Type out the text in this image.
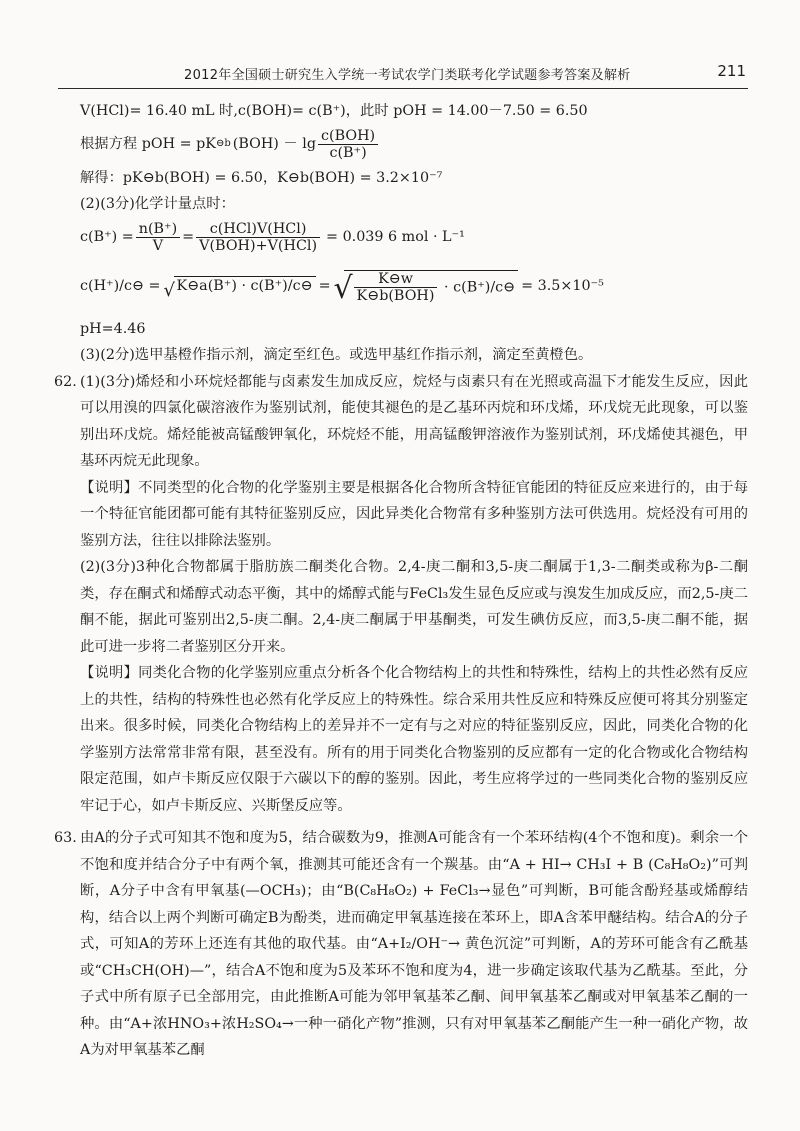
2012年全国硕士研究生入学统一考试农学门类联考化学试题参考答案及解析	211
V(HCl)= 16.40 mL 时,c(BOH)= c(B⁺)，此时 pOH = 14.00－7.50 = 6.50
根据方程 pOH = pK ⊖b $(BOH) - \lg \frac{\text{c(BOH)}}{c(B^+)}$
解得：pK⊖b(BOH) = 6.50，K⊖b(BOH) = 3.2×10⁻⁷
(2)(3分)化学计量点时：
$c(B^+) = \frac{n(B^+)}{V} = \frac{\text{c(HCl)V(HCl)}}{\text{V(BOH)+V(HCl)}} = 0.039$ 6 mol · L⁻¹
c(H⁺)/c⊖ = √ K⊖a(B⁺) · c(B⁺)/c⊖ = √ $\frac{K⊖w}{\text{K⊖b(BOH)}}$ · c(B⁺)/c⊖ = 3.5×10⁻⁵
pH=4.46
(3)(2分)选甲基橙作指示剂，滴定至红色。或选甲基红作指示剂，滴定至黄橙色。
62. (1)(3分)烯烃和小环烷烃都能与卤素发生加成反应，烷烃与卤素只有在光照或高温下才能发生反应，因此可以用溴的四氯化碳溶液作为鉴别试剂，能使其褪色的是乙基环丙烷和环戊烯，环戊烷无此现象，可以鉴别出环戊烷。烯烃能被高锰酸钾氧化，环烷烃不能，用高锰酸钾溶液作为鉴别试剂，环戊烯使其褪色，甲基环丙烷无此现象。
【说明】不同类型的化合物的化学鉴别主要是根据各化合物所含特征官能团的特征反应来进行的，由于每一个特征官能团都可能有其特征鉴别反应，因此异类化合物常有多种鉴别方法可供选用。烷烃没有可用的鉴别方法，往往以排除法鉴别。
(2)(3分)3种化合物都属于脂肪族二酮类化合物。2,4-庚二酮和3,5-庚二酮属于1,3-二酮类或称为β-二酮类，存在酮式和烯醇式动态平衡，其中的烯醇式能与FeCl₃发生显色反应或与溴发生加成反应，而2,5-庚二酮不能，据此可鉴别出2,5-庚二酮。2,4-庚二酮属于甲基酮类，可发生碘仿反应，而3,5-庚二酮不能，据此可进一步将二者鉴别区分开来。
【说明】同类化合物的化学鉴别应重点分析各个化合物结构上的共性和特殊性，结构上的共性必然有反应上的共性，结构的特殊性也必然有化学反应上的特殊性。综合采用共性反应和特殊反应便可将其分别鉴定出来。很多时候，同类化合物结构上的差异并不一定有与之对应的特征鉴别反应，因此，同类化合物的化学鉴别方法常常非常有限，甚至没有。所有的用于同类化合物鉴别的反应都有一定的化合物或化合物结构限定范围，如卢卡斯反应仅限于六碳以下的醇的鉴别。因此，考生应将学过的一些同类化合物的鉴别反应牢记于心，如卢卡斯反应、兴斯堡反应等。
63. 由A的分子式可知其不饱和度为5，结合碳数为9，推测A可能含有一个苯环结构(4个不饱和度)。剩余一个不饱和度并结合分子中有两个氧，推测其可能还含有一个羰基。由“A + HI→ CH₃I + B (C₈H₈O₂)”可判断，A分子中含有甲氧基(—OCH₃)；由“B(C₈H₈O₂) + FeCl₃→显色”可判断，B可能含酚羟基或烯醇结构，结合以上两个判断可确定B为酚类，进而确定甲氧基连接在苯环上，即A含苯甲醚结构。结合A的分子式，可知A的芳环上还连有其他的取代基。由“A+I₂/OH⁻→ 黄色沉淀”可判断，A的芳环可能含有乙酰基或“CH₃CH(OH)—”，结合A不饱和度为5及苯环不饱和度为4，进一步确定该取代基为乙酰基。至此，分子式中所有原子已全部用完，由此推断A可能为邻甲氧基苯乙酮、间甲氧基苯乙酮或对甲氧基苯乙酮的一种。由“A+浓HNO₃+浓H₂SO₄→一种一硝化产物”推测，只有对甲氧基苯乙酮能产生一种一硝化产物，故A为对甲氧基苯乙酮
